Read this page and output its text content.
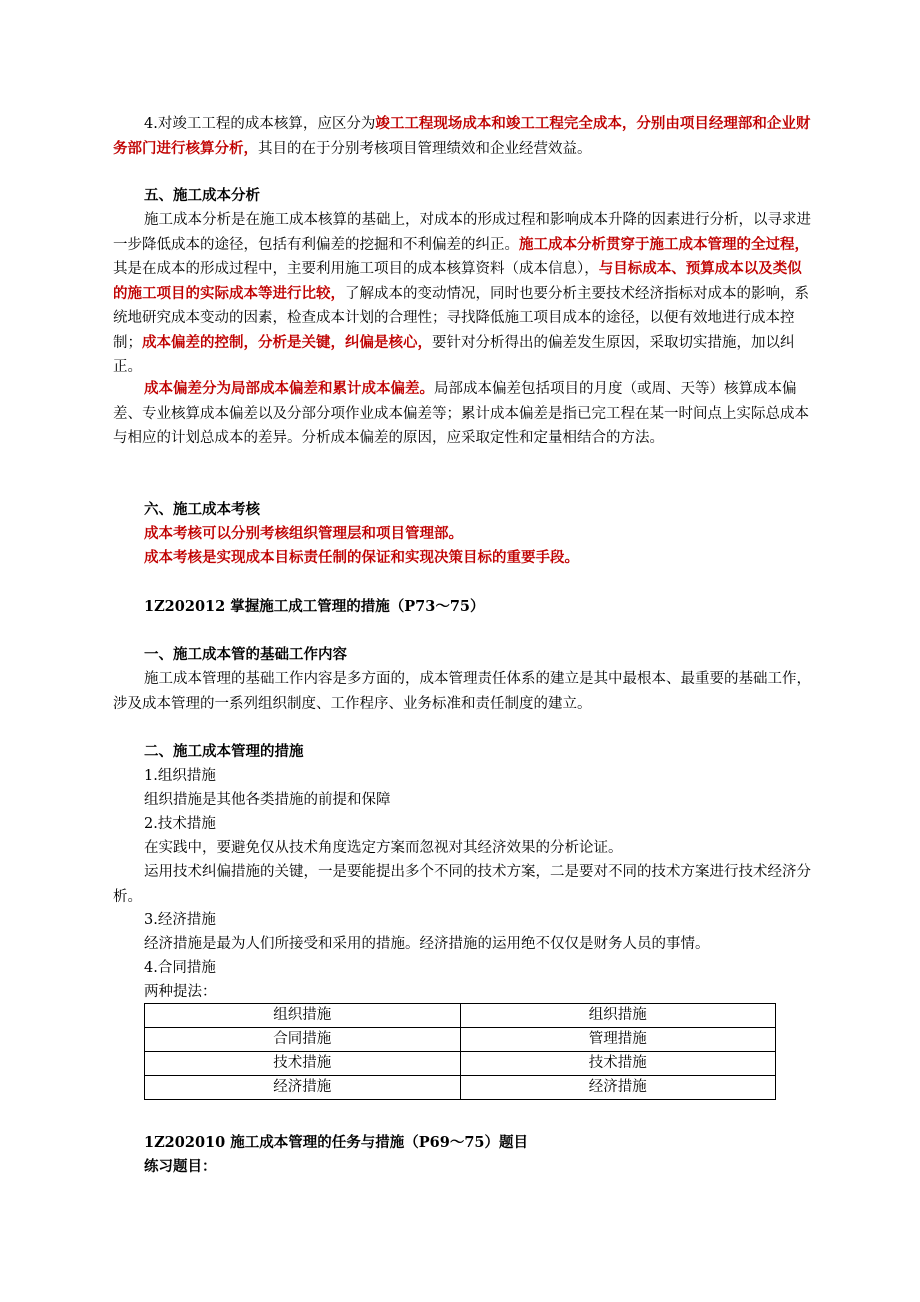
4.对竣工工程的成本核算，应区分为竣工工程现场成本和竣工工程完全成本，分别由项目经理部和企业财务部门进行核算分析，其目的在于分别考核项目管理绩效和企业经营效益。
五、施工成本分析
施工成本分析是在施工成本核算的基础上，对成本的形成过程和影响成本升降的因素进行分析，以寻求进一步降低成本的途径，包括有利偏差的挖掘和不利偏差的纠正。施工成本分析贯穿于施工成本管理的全过程，其是在成本的形成过程中，主要利用施工项目的成本核算资料（成本信息），与目标成本、预算成本以及类似的施工项目的实际成本等进行比较，了解成本的变动情况，同时也要分析主要技术经济指标对成本的影响，系统地研究成本变动的因素，检查成本计划的合理性；寻找降低施工项目成本的途径，以便有效地进行成本控制；成本偏差的控制，分析是关键，纠偏是核心，要针对分析得出的偏差发生原因，采取切实措施，加以纠正。
成本偏差分为局部成本偏差和累计成本偏差。局部成本偏差包括项目的月度（或周、天等）核算成本偏差、专业核算成本偏差以及分部分项作业成本偏差等；累计成本偏差是指已完工程在某一时间点上实际总成本与相应的计划总成本的差异。分析成本偏差的原因，应采取定性和定量相结合的方法。
六、施工成本考核
成本考核可以分别考核组织管理层和项目管理部。
成本考核是实现成本目标责任制的保证和实现决策目标的重要手段。
1Z202012 掌握施工成工管理的措施（P73～75）
一、施工成本管的基础工作内容
施工成本管理的基础工作内容是多方面的，成本管理责任体系的建立是其中最根本、最重要的基础工作，涉及成本管理的一系列组织制度、工作程序、业务标准和责任制度的建立。
二、施工成本管理的措施
1.组织措施
组织措施是其他各类措施的前提和保障
2.技术措施
在实践中，要避免仅从技术角度选定方案而忽视对其经济效果的分析论证。
运用技术纠偏措施的关键，一是要能提出多个不同的技术方案，二是要对不同的技术方案进行技术经济分析。
3.经济措施
经济措施是最为人们所接受和采用的措施。经济措施的运用绝不仅仅是财务人员的事情。
4.合同措施
两种提法：
组织措施	组织措施
合同措施	管理措施
技术措施	技术措施
经济措施	经济措施
1Z202010 施工成本管理的任务与措施（P69～75）题目
练习题目：
